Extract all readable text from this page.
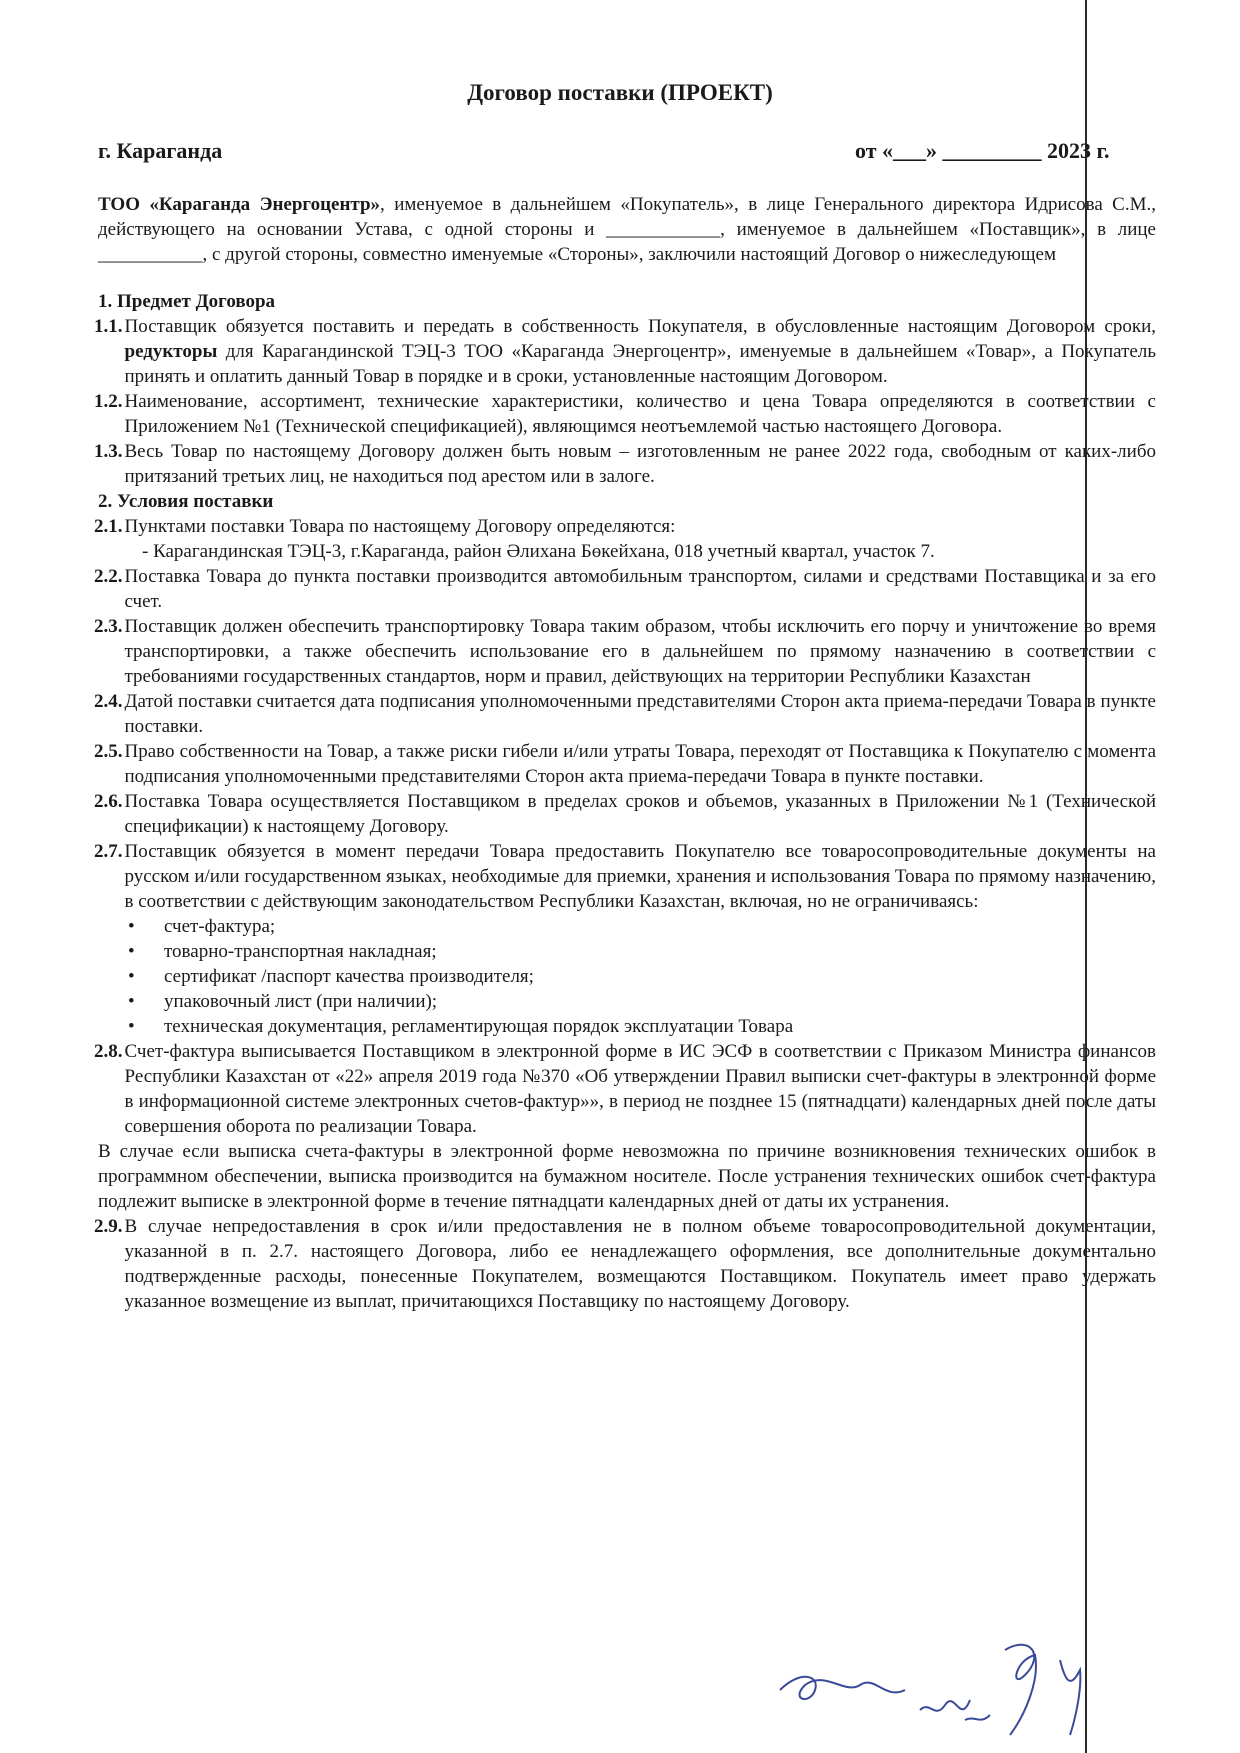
Договор поставки (ПРОЕКТ)
г. Караганда	от «___» _________ 2023 г.

ТОО «Караганда Энергоцентр», именуемое в дальнейшем «Покупатель», в лице Генерального директора Идрисова С.М., действующего на основании Устава, с одной стороны и ____________, именуемое в дальнейшем «Поставщик», в лице ___________, с другой стороны, совместно именуемые «Стороны», заключили настоящий Договор о нижеследующем

1. Предмет Договора

1.1. Поставщик обязуется поставить и передать в собственность Покупателя, в обусловленные настоящим Договором сроки, редукторы для Карагандинской ТЭЦ-3 ТОО «Караганда Энергоцентр», именуемые в дальнейшем «Товар», а Покупатель принять и оплатить данный Товар в порядке и в сроки, установленные настоящим Договором.
1.2. Наименование, ассортимент, технические характеристики, количество и цена Товара определяются в соответствии с Приложением №1 (Технической спецификацией), являющимся неотъемлемой частью настоящего Договора.
1.3. Весь Товар по настоящему Договору должен быть новым – изготовленным не ранее 2022 года, свободным от каких-либо притязаний третьих лиц, не находиться под арестом или в залоге.

2. Условия поставки

2.1. Пунктами поставки Товара по настоящему Договору определяются:

- Карагандинская ТЭЦ-3, г.Караганда, район Әлихана Бөкейхана, 018 учетный квартал, участок 7.

2.2. Поставка Товара до пункта поставки производится автомобильным транспортом, силами и средствами Поставщика и за его счет.
2.3. Поставщик должен обеспечить транспортировку Товара таким образом, чтобы исключить его порчу и уничтожение во время транспортировки, а также обеспечить использование его в дальнейшем по прямому назначению в соответствии с требованиями государственных стандартов, норм и правил, действующих на территории Республики Казахстан
2.4. Датой поставки считается дата подписания уполномоченными представителями Сторон акта приема-передачи Товара в пункте поставки.
2.5. Право собственности на Товар, а также риски гибели и/или утраты Товара, переходят от Поставщика к Покупателю с момента подписания уполномоченными представителями Сторон акта приема-передачи Товара в пункте поставки.
2.6. Поставка Товара осуществляется Поставщиком в пределах сроков и объемов, указанных в Приложении №1 (Технической спецификации) к настоящему Договору.
2.7. Поставщик обязуется в момент передачи Товара предоставить Покупателю все товаросопроводительные документы на русском и/или государственном языках, необходимые для приемки, хранения и использования Товара по прямому назначению, в соответствии с действующим законодательством Республики Казахстан, включая, но не ограничиваясь:
• счет-фактура;
• товарно-транспортная накладная;
• сертификат /паспорт качества производителя;
• упаковочный лист (при наличии);
• техническая документация, регламентирующая порядок эксплуатации Товара
2.8. Счет-фактура выписывается Поставщиком в электронной форме в ИС ЭСФ в соответствии с Приказом Министра финансов Республики Казахстан от «22» апреля 2019 года №370 «Об утверждении Правил выписки счет-фактуры в электронной форме в информационной системе электронных счетов-фактур»», в период не позднее 15 (пятнадцати) календарных дней после даты совершения оборота по реализации Товара.

В случае если выписка счета-фактуры в электронной форме невозможна по причине возникновения технических ошибок в программном обеспечении, выписка производится на бумажном носителе. После устранения технических ошибок счет-фактура подлежит выписке в электронной форме в течение пятнадцати календарных дней от даты их устранения.

2.9. В случае непредоставления в срок и/или предоставления не в полном объеме товаросопроводительной документации, указанной в п. 2.7. настоящего Договора, либо ее ненадлежащего оформления, все дополнительные документально подтвержденные расходы, понесенные Покупателем, возмещаются Поставщиком. Покупатель имеет право удержать указанное возмещение из выплат, причитающихся Поставщику по настоящему Договору.
